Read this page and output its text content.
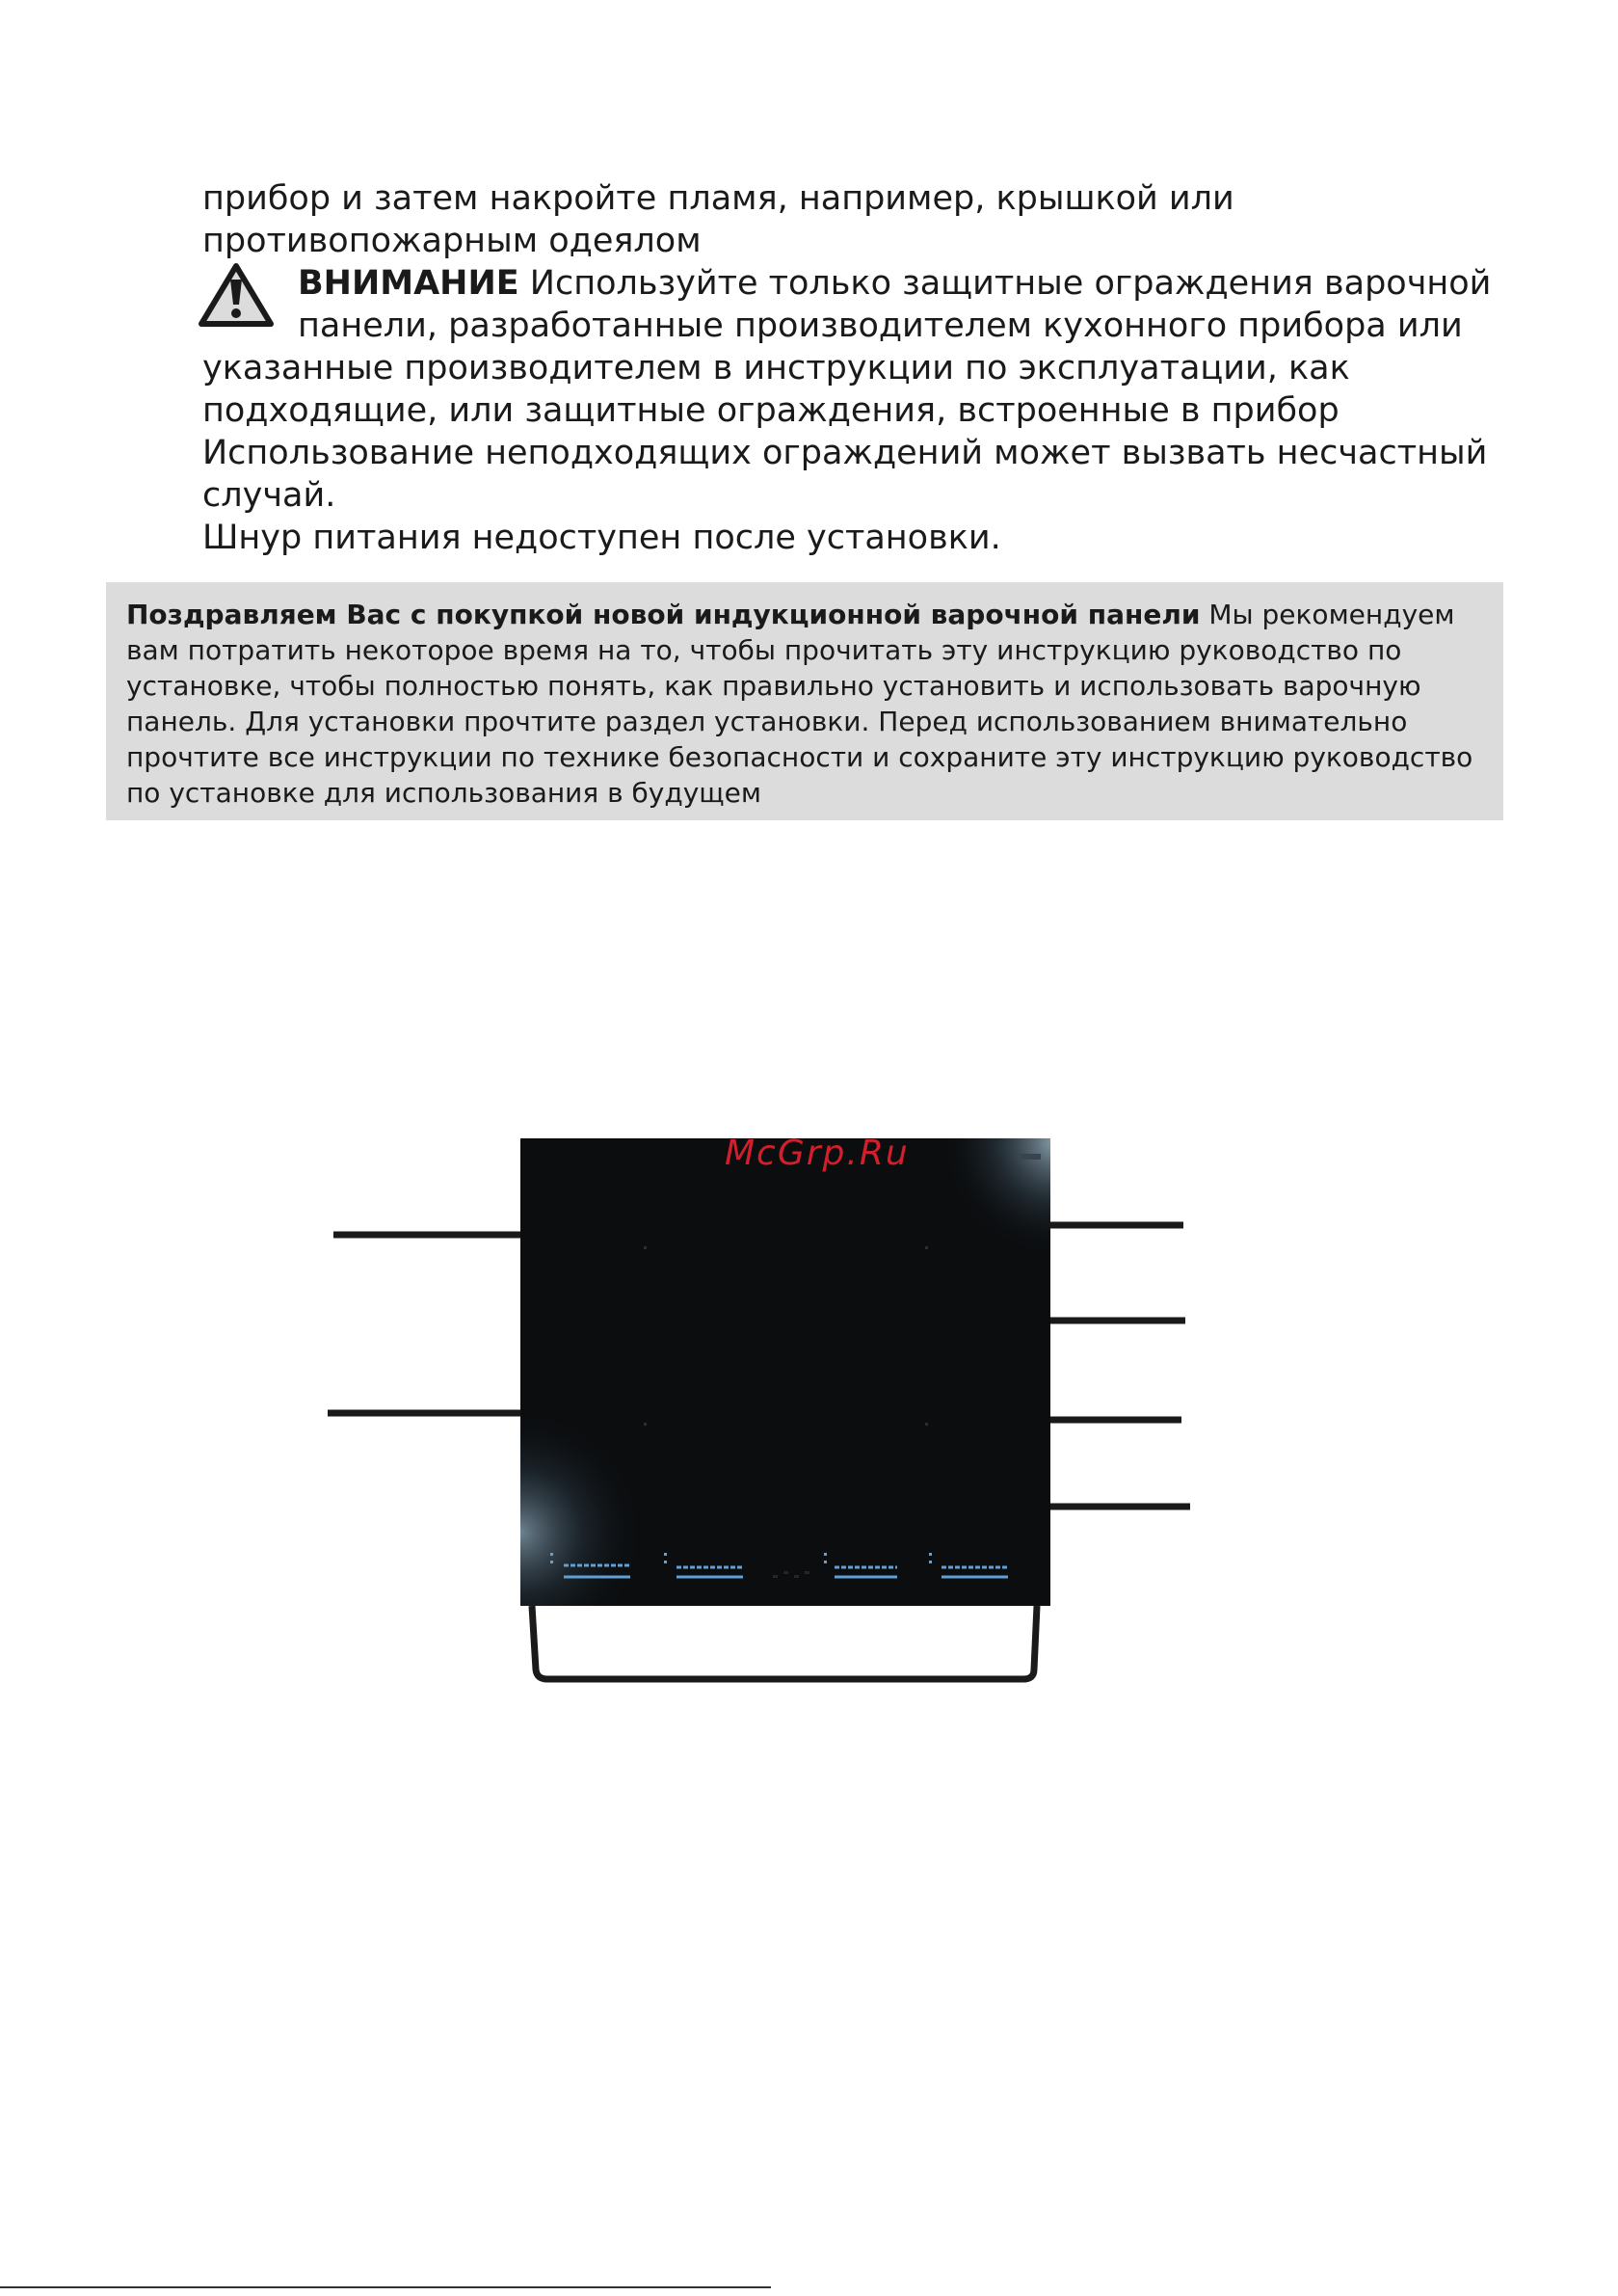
прибор и затем накройте пламя, например, крышкой или
противопожарным одеялом
ВНИМАНИЕ Используйте только защитные ограждения варочной
панели, разработанные производителем кухонного прибора или
указанные производителем в инструкции по эксплуатации, как
подходящие, или защитные ограждения, встроенные в прибор
Использование неподходящих ограждений может вызвать несчастный
случай.
Шнур питания недоступен после установки.
Поздравляем Вас с покупкой новой индукционной варочной панели Мы рекомендуем
вам потратить некоторое время на то, чтобы прочитать эту инструкцию руководство по
установке, чтобы полностью понять, как правильно установить и использовать варочную
панель. Для установки прочтите раздел установки. Перед использованием внимательно
прочтите все инструкции по технике безопасности и сохраните эту инструкцию руководство
по установке для использования в будущем
McGrp.Ru
